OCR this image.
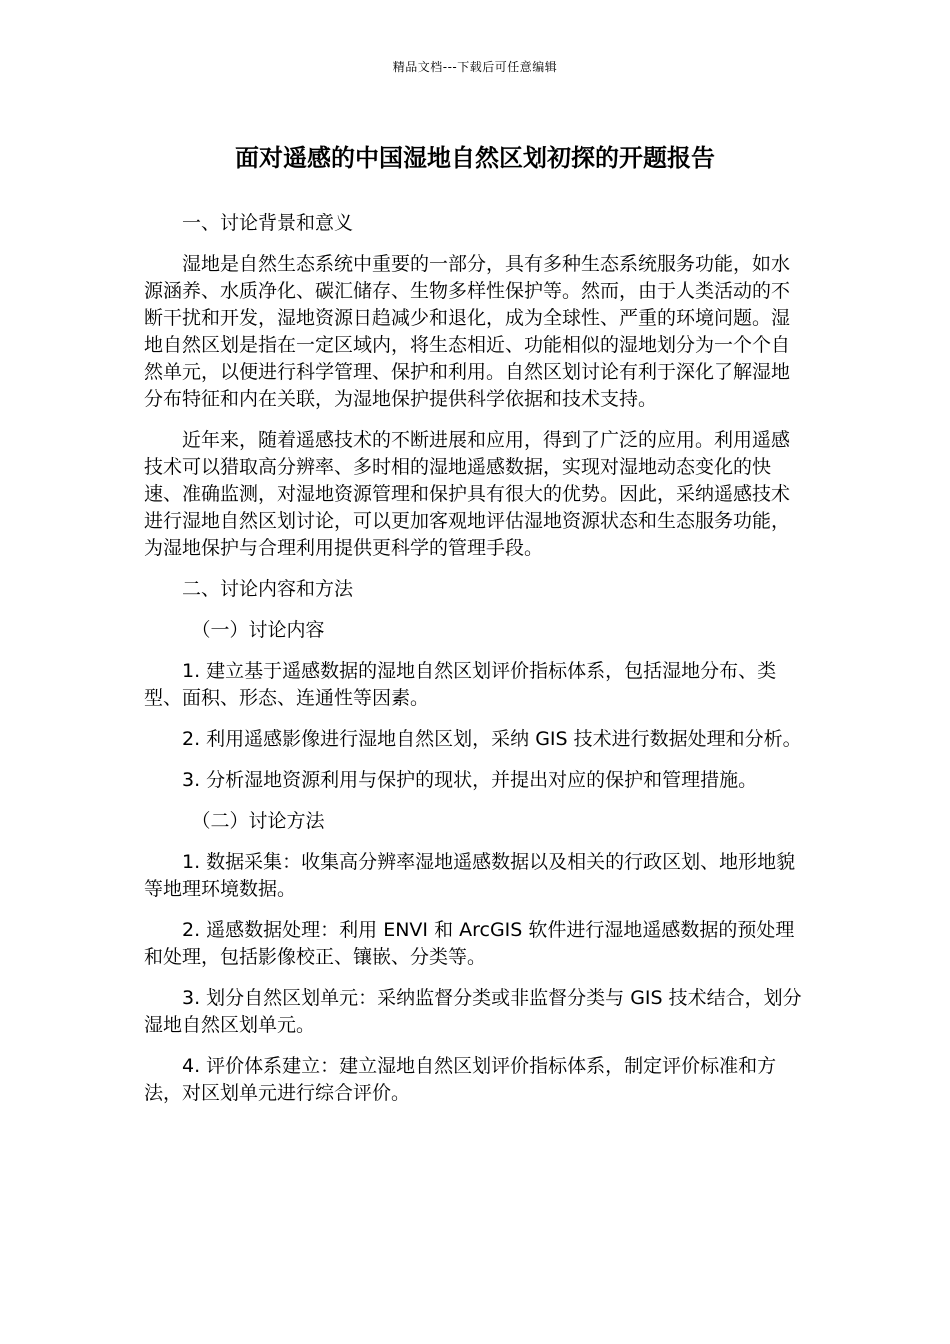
精品文档---下载后可任意编辑
面对遥感的中国湿地自然区划初探的开题报告

一、讨论背景和意义

湿地是自然生态系统中重要的一部分，具有多种生态系统服务功能，如水源涵养、水质净化、碳汇储存、生物多样性保护等。然而，由于人类活动的不断干扰和开发，湿地资源日趋减少和退化，成为全球性、严重的环境问题。湿地自然区划是指在一定区域内，将生态相近、功能相似的湿地划分为一个个自然单元，以便进行科学管理、保护和利用。自然区划讨论有利于深化了解湿地分布特征和内在关联，为湿地保护提供科学依据和技术支持。

近年来，随着遥感技术的不断进展和应用，得到了广泛的应用。利用遥感技术可以猎取高分辨率、多时相的湿地遥感数据，实现对湿地动态变化的快速、准确监测，对湿地资源管理和保护具有很大的优势。因此，采纳遥感技术进行湿地自然区划讨论，可以更加客观地评估湿地资源状态和生态服务功能，为湿地保护与合理利用提供更科学的管理手段。

二、讨论内容和方法

（一）讨论内容

1. 建立基于遥感数据的湿地自然区划评价指标体系，包括湿地分布、类型、面积、形态、连通性等因素。

2. 利用遥感影像进行湿地自然区划，采纳 GIS 技术进行数据处理和分析。

3. 分析湿地资源利用与保护的现状，并提出对应的保护和管理措施。

（二）讨论方法

1. 数据采集：收集高分辨率湿地遥感数据以及相关的行政区划、地形地貌等地理环境数据。

2. 遥感数据处理：利用 ENVI 和 ArcGIS 软件进行湿地遥感数据的预处理和处理，包括影像校正、镶嵌、分类等。

3. 划分自然区划单元：采纳监督分类或非监督分类与 GIS 技术结合，划分湿地自然区划单元。

4. 评价体系建立：建立湿地自然区划评价指标体系，制定评价标准和方法，对区划单元进行综合评价。
